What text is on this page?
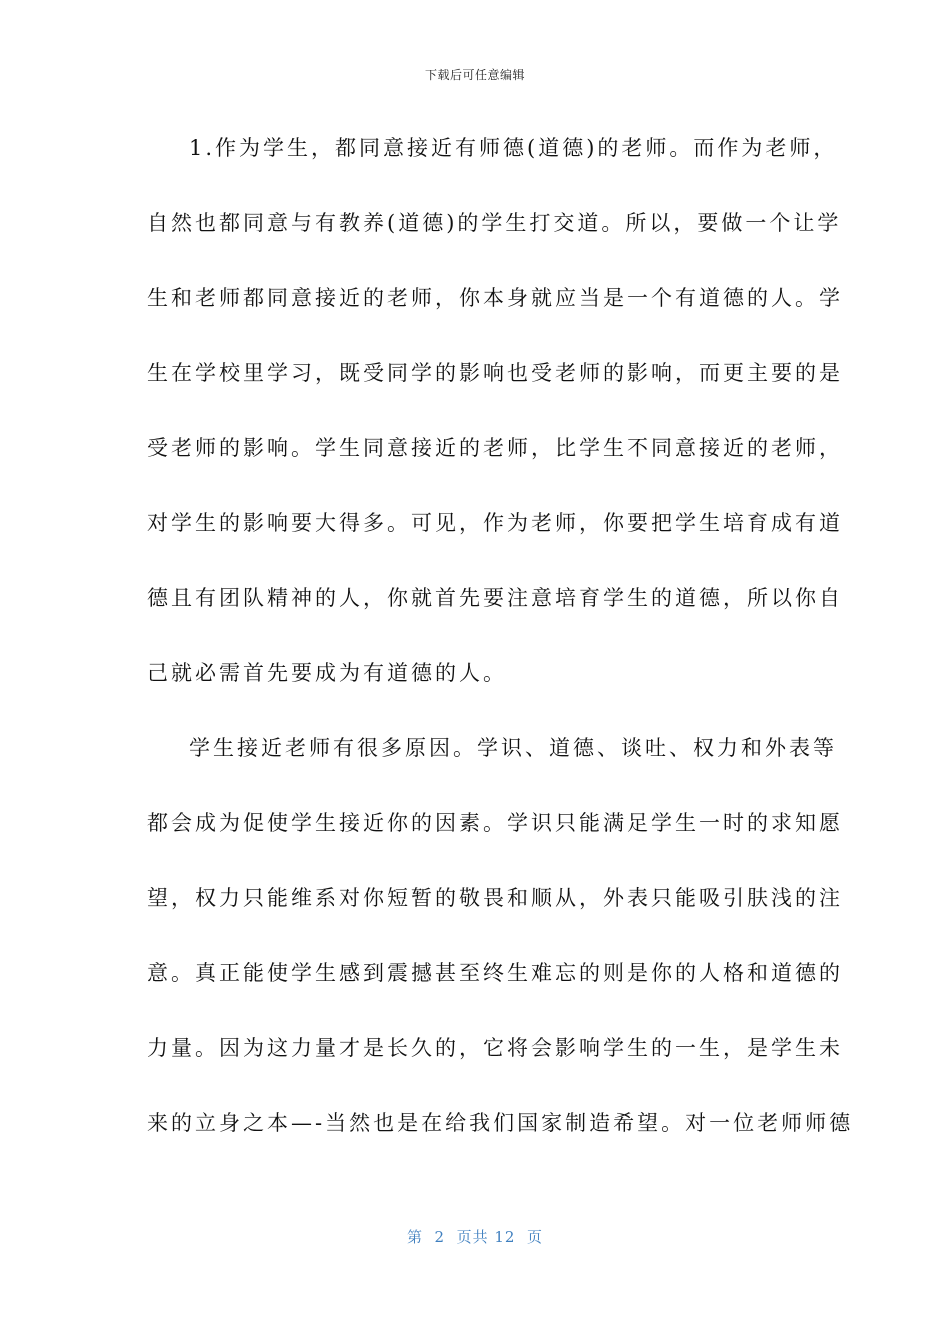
下载后可任意编辑
1.作为学生，都同意接近有师德(道德)的老师。而作为老师，
自然也都同意与有教养(道德)的学生打交道。所以，要做一个让学
生和老师都同意接近的老师，你本身就应当是一个有道德的人。学
生在学校里学习，既受同学的影响也受老师的影响，而更主要的是
受老师的影响。学生同意接近的老师，比学生不同意接近的老师，
对学生的影响要大得多。可见，作为老师，你要把学生培育成有道
德且有团队精神的人，你就首先要注意培育学生的道德，所以你自
己就必需首先要成为有道德的人。
学生接近老师有很多原因。学识、道德、谈吐、权力和外表等
都会成为促使学生接近你的因素。学识只能满足学生一时的求知愿
望，权力只能维系对你短暂的敬畏和顺从，外表只能吸引肤浅的注
意。真正能使学生感到震撼甚至终生难忘的则是你的人格和道德的
力量。因为这力量才是长久的，它将会影响学生的一生，是学生未
来的立身之本—-当然也是在给我们国家制造希望。对一位老师师德
第  2  页共 12  页
